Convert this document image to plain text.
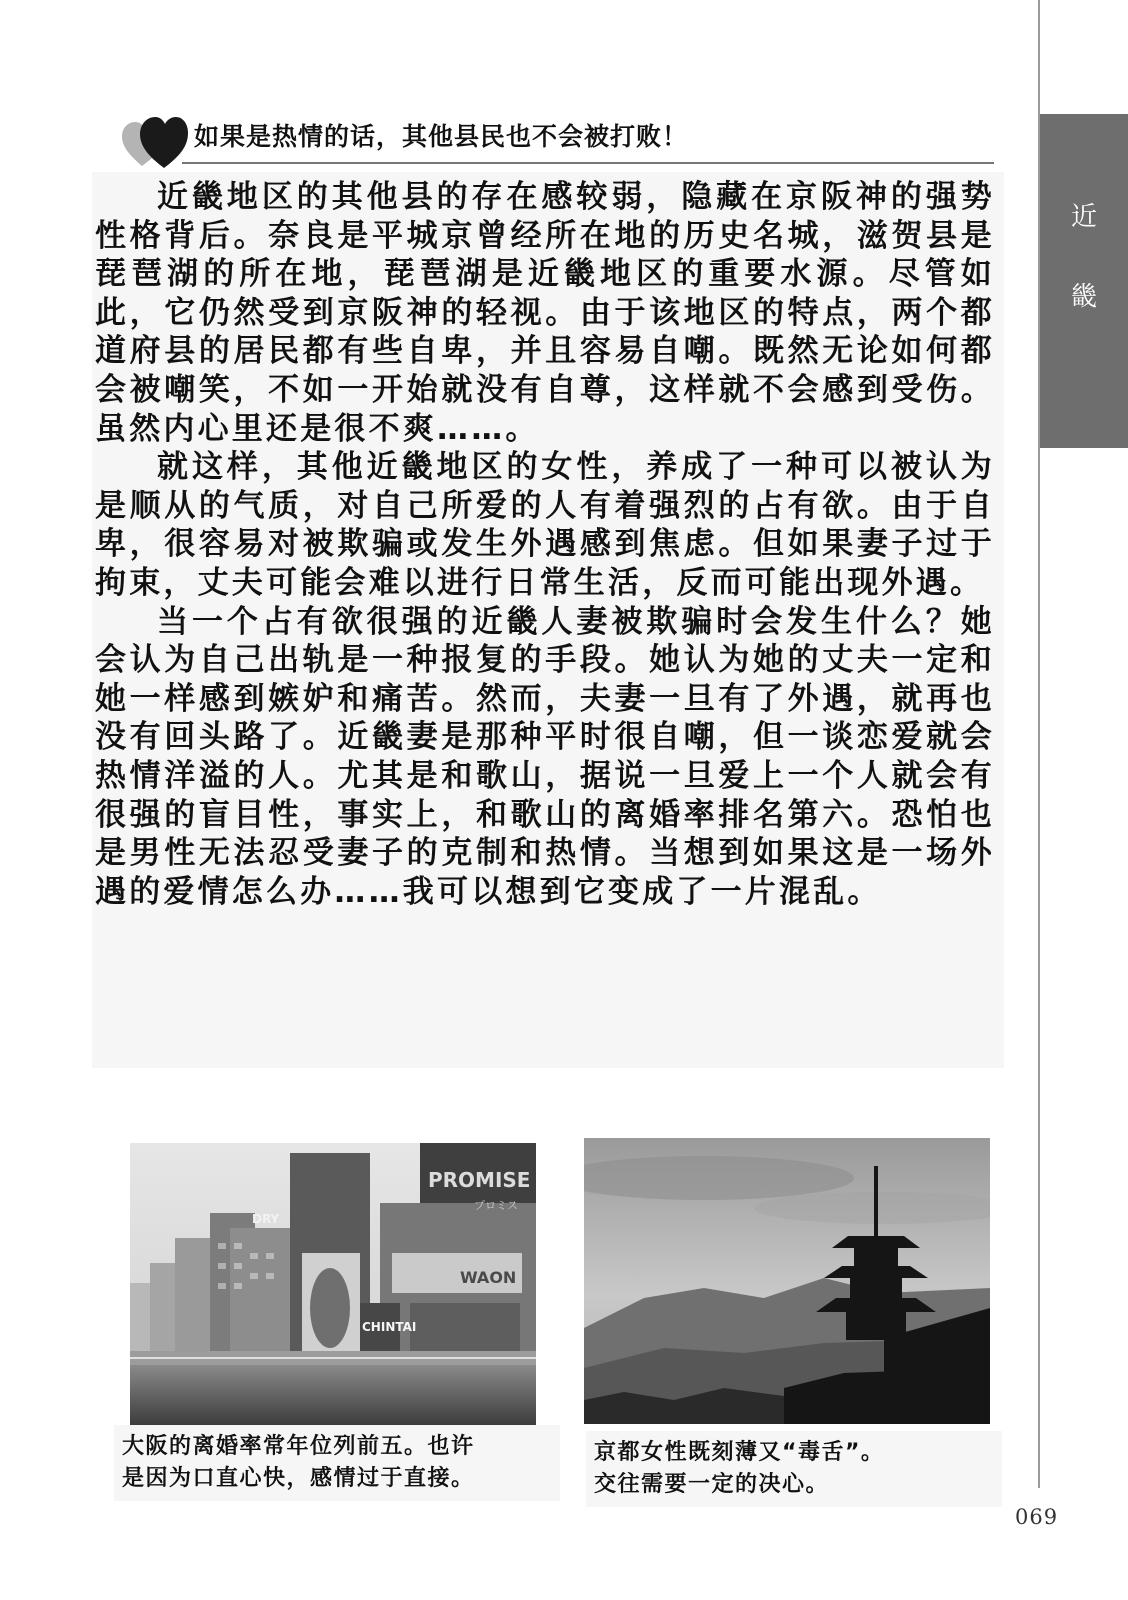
近
畿
如果是热情的话，其他县民也不会被打败！

近畿地区的其他县的存在感较弱，隐藏在京阪神的强势性格背后。奈良是平城京曾经所在地的历史名城，滋贺县是琵琶湖的所在地，琵琶湖是近畿地区的重要水源。尽管如此，它仍然受到京阪神的轻视。由于该地区的特点，两个都道府县的居民都有些自卑，并且容易自嘲。既然无论如何都会被嘲笑，不如一开始就没有自尊，这样就不会感到受伤。虽然内心里还是很不爽……。

就这样，其他近畿地区的女性，养成了一种可以被认为是顺从的气质，对自己所爱的人有着强烈的占有欲。由于自卑，很容易对被欺骗或发生外遇感到焦虑。但如果妻子过于拘束，丈夫可能会难以进行日常生活，反而可能出现外遇。

当一个占有欲很强的近畿人妻被欺骗时会发生什么？她会认为自己出轨是一种报复的手段。她认为她的丈夫一定和她一样感到嫉妒和痛苦。然而，夫妻一旦有了外遇，就再也没有回头路了。近畿妻是那种平时很自嘲，但一谈恋爱就会热情洋溢的人。尤其是和歌山，据说一旦爱上一个人就会有很强的盲目性，事实上，和歌山的离婚率排名第六。恐怕也是男性无法忍受妻子的克制和热情。当想到如果这是一场外遇的爱情怎么办……我可以想到它变成了一片混乱。

PROMISE
プロミス
DRY
WAON
CHINTAI
大阪的离婚率常年位列前五。也许
是因为口直心快，感情过于直接。
京都女性既刻薄又“毒舌”。
交往需要一定的决心。
069
